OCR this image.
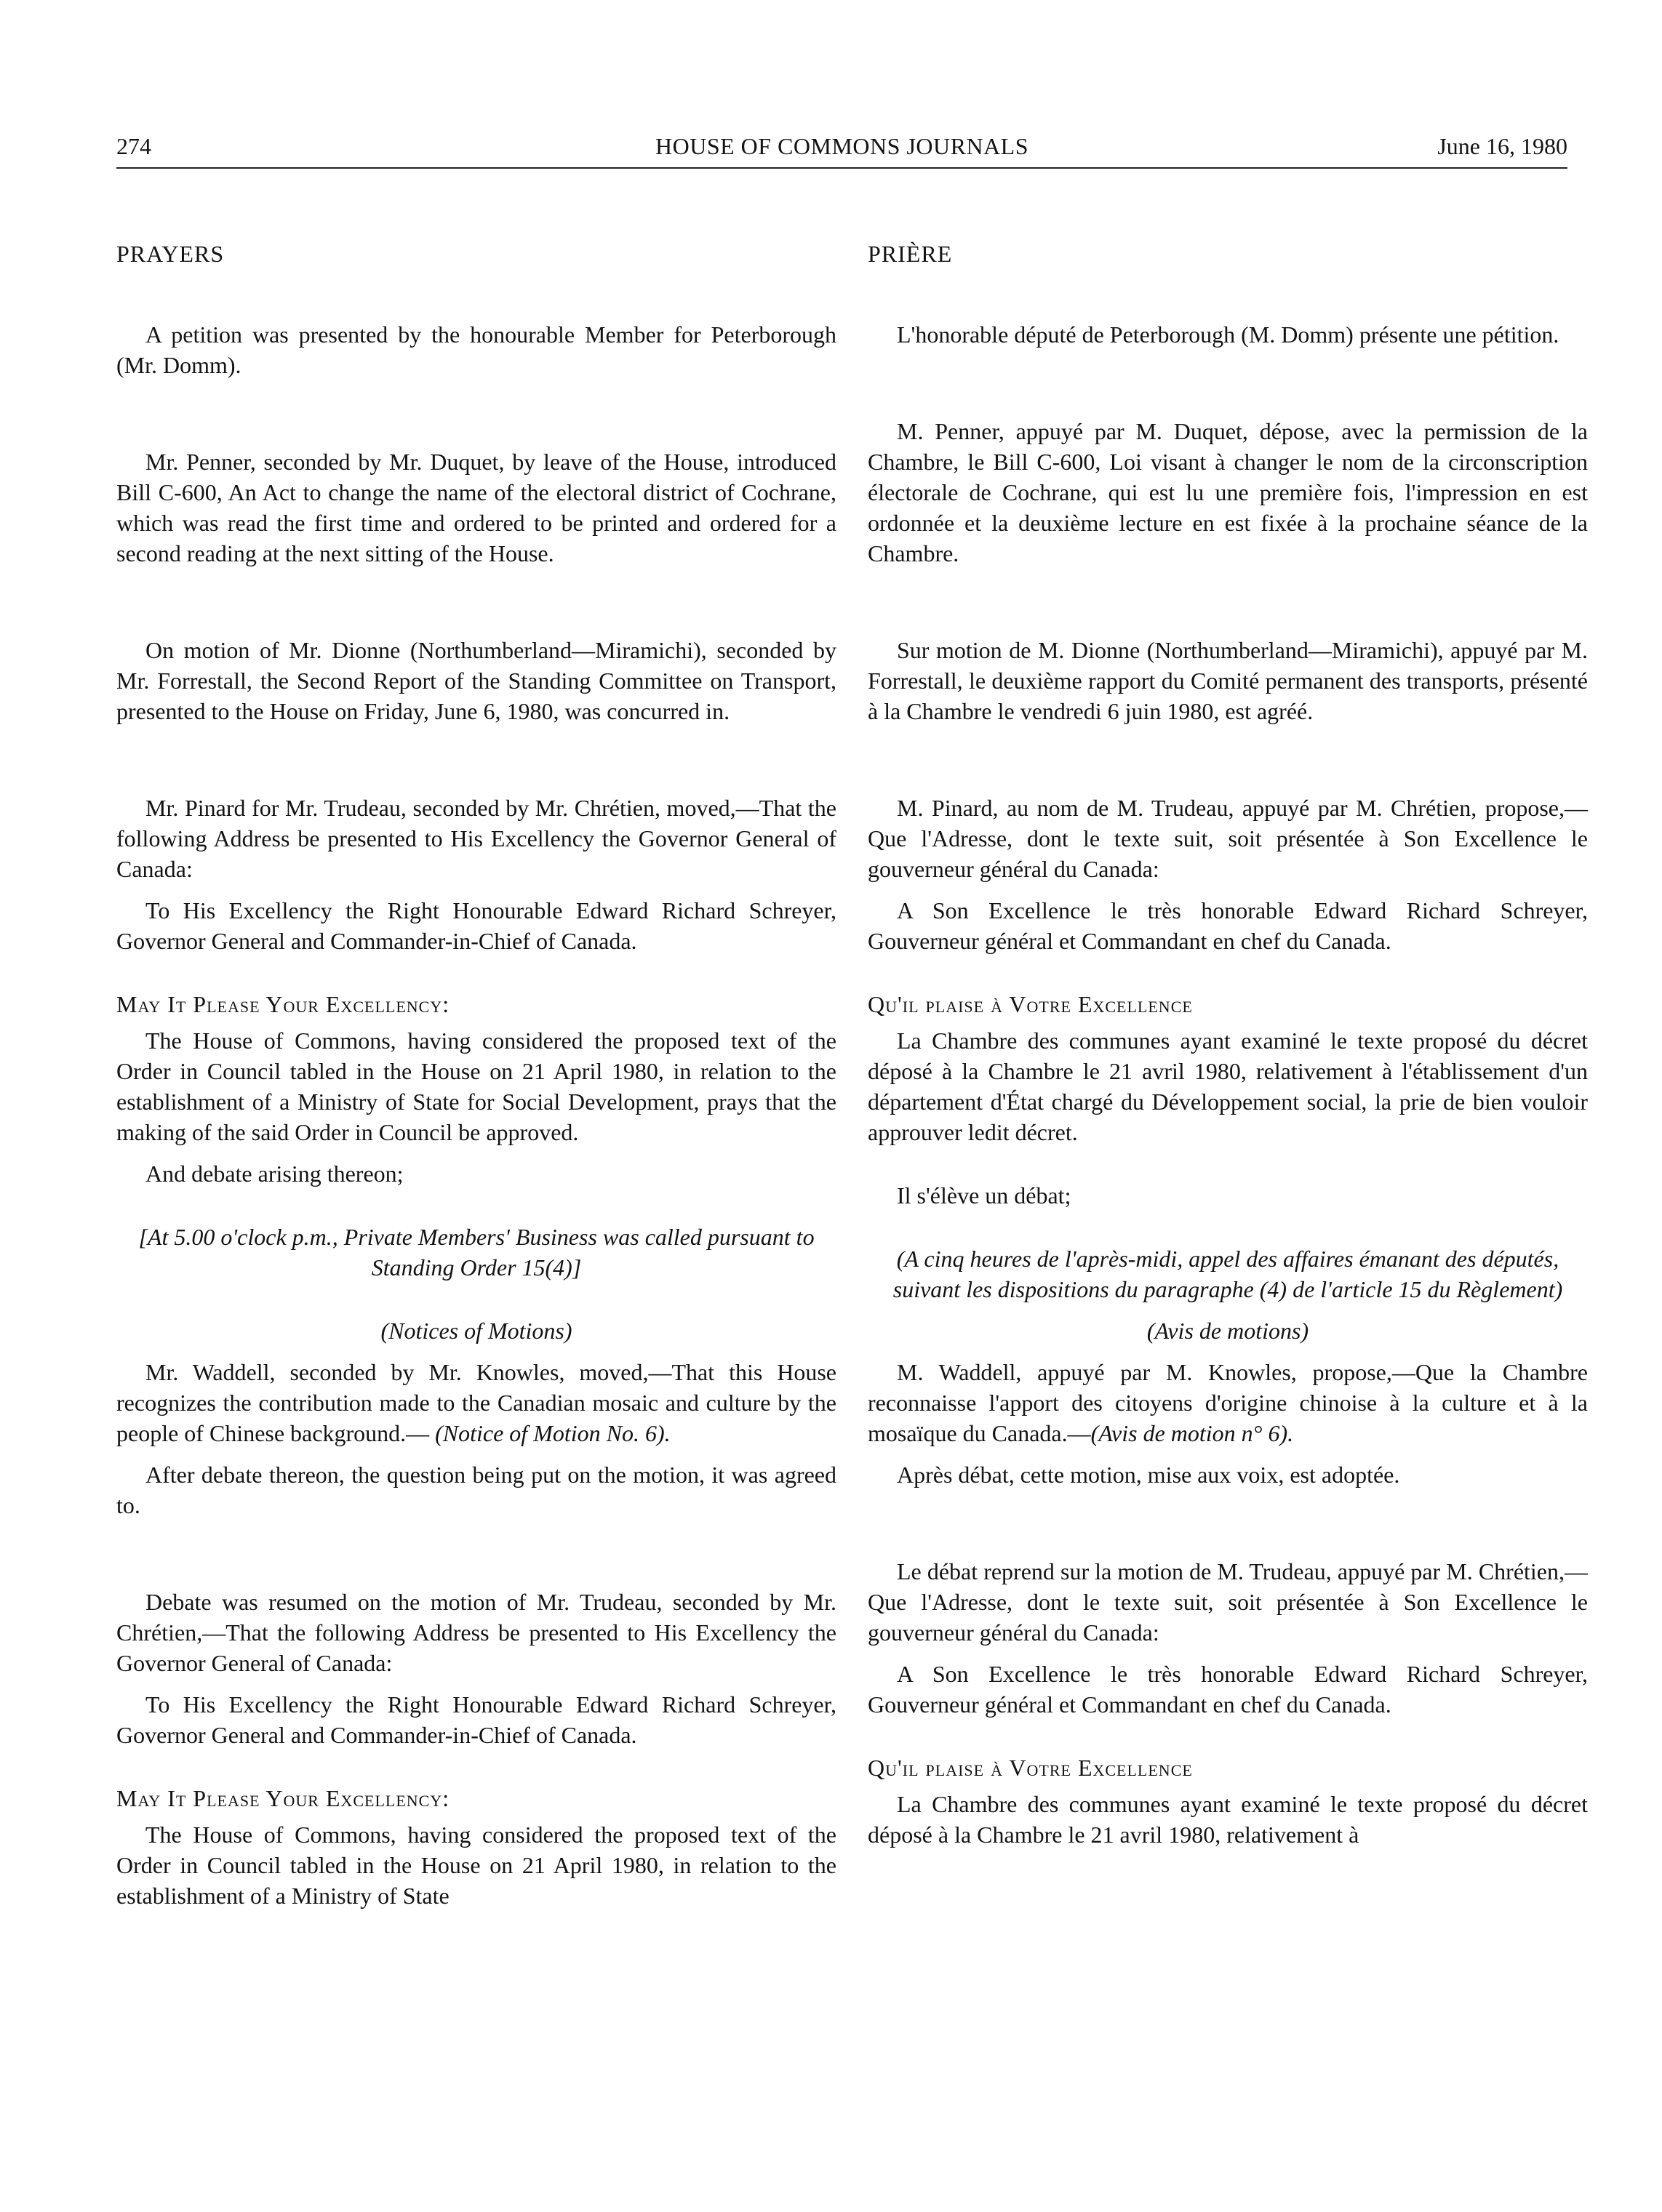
274	HOUSE OF COMMONS JOURNALS	June 16, 1980
PRAYERS

A petition was presented by the honourable Member for Peterborough (Mr. Domm).

Mr. Penner, seconded by Mr. Duquet, by leave of the House, introduced Bill C-600, An Act to change the name of the electoral district of Cochrane, which was read the first time and ordered to be printed and ordered for a second reading at the next sitting of the House.

On motion of Mr. Dionne (Northumberland—Miramichi), seconded by Mr. Forrestall, the Second Report of the Standing Committee on Transport, presented to the House on Friday, June 6, 1980, was concurred in.

Mr. Pinard for Mr. Trudeau, seconded by Mr. Chrétien, moved,—That the following Address be presented to His Excellency the Governor General of Canada:

To His Excellency the Right Honourable Edward Richard Schreyer, Governor General and Commander-in-Chief of Canada.

May It Please Your Excellency:

The House of Commons, having considered the proposed text of the Order in Council tabled in the House on 21 April 1980, in relation to the establishment of a Ministry of State for Social Development, prays that the making of the said Order in Council be approved.

And debate arising thereon;

[At 5.00 o'clock p.m., Private Members' Business was called pursuant to Standing Order 15(4)]

(Notices of Motions)

Mr. Waddell, seconded by Mr. Knowles, moved,—That this House recognizes the contribution made to the Canadian mosaic and culture by the people of Chinese background.— (Notice of Motion No. 6).

After debate thereon, the question being put on the motion, it was agreed to.

Debate was resumed on the motion of Mr. Trudeau, seconded by Mr. Chrétien,—That the following Address be presented to His Excellency the Governor General of Canada:

To His Excellency the Right Honourable Edward Richard Schreyer, Governor General and Commander-in-Chief of Canada.

May It Please Your Excellency:

The House of Commons, having considered the proposed text of the Order in Council tabled in the House on 21 April 1980, in relation to the establishment of a Ministry of State

PRIÈRE

L'honorable député de Peterborough (M. Domm) présente une pétition.

M. Penner, appuyé par M. Duquet, dépose, avec la permission de la Chambre, le Bill C-600, Loi visant à changer le nom de la circonscription électorale de Cochrane, qui est lu une première fois, l'impression en est ordonnée et la deuxième lecture en est fixée à la prochaine séance de la Chambre.

Sur motion de M. Dionne (Northumberland—Miramichi), appuyé par M. Forrestall, le deuxième rapport du Comité permanent des transports, présenté à la Chambre le vendredi 6 juin 1980, est agréé.

M. Pinard, au nom de M. Trudeau, appuyé par M. Chrétien, propose,—Que l'Adresse, dont le texte suit, soit présentée à Son Excellence le gouverneur général du Canada:

A Son Excellence le très honorable Edward Richard Schreyer, Gouverneur général et Commandant en chef du Canada.

Qu'il plaise à Votre Excellence

La Chambre des communes ayant examiné le texte proposé du décret déposé à la Chambre le 21 avril 1980, relativement à l'établissement d'un département d'État chargé du Développement social, la prie de bien vouloir approuver ledit décret.

Il s'élève un débat;

(A cinq heures de l'après-midi, appel des affaires émanant des députés, suivant les dispositions du paragraphe (4) de l'article 15 du Règlement)

(Avis de motions)

M. Waddell, appuyé par M. Knowles, propose,—Que la Chambre reconnaisse l'apport des citoyens d'origine chinoise à la culture et à la mosaïque du Canada.—(Avis de motion n° 6).

Après débat, cette motion, mise aux voix, est adoptée.

Le débat reprend sur la motion de M. Trudeau, appuyé par M. Chrétien,—Que l'Adresse, dont le texte suit, soit présentée à Son Excellence le gouverneur général du Canada:

A Son Excellence le très honorable Edward Richard Schreyer, Gouverneur général et Commandant en chef du Canada.

Qu'il plaise à Votre Excellence

La Chambre des communes ayant examiné le texte proposé du décret déposé à la Chambre le 21 avril 1980, relativement à
